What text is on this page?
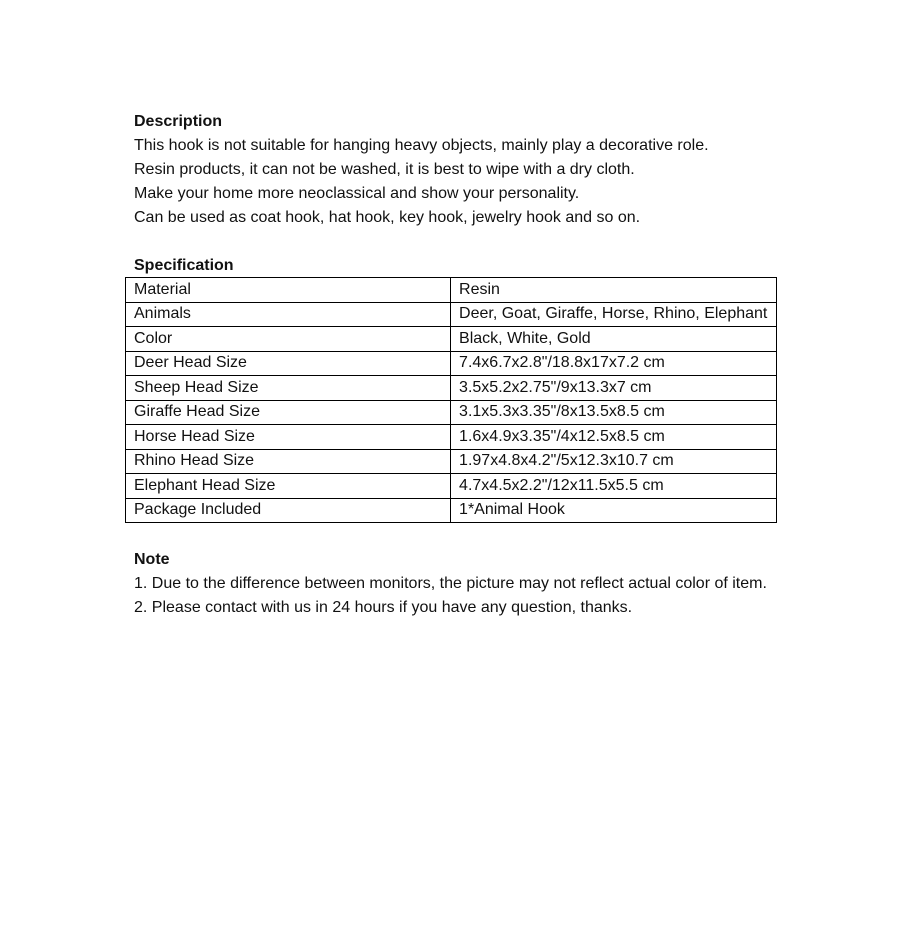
Description

This hook is not suitable for hanging heavy objects, mainly play a decorative role.

Resin products, it can not be washed, it is best to wipe with a dry cloth.

Make your home more neoclassical and show your personality.

Can be used as coat hook, hat hook, key hook, jewelry hook and so on.

Specification

Material	Resin
Animals	Deer, Goat, Giraffe, Horse, Rhino, Elephant
Color	Black, White, Gold
Deer Head Size	7.4x6.7x2.8"/18.8x17x7.2 cm
Sheep Head Size	3.5x5.2x2.75"/9x13.3x7 cm
Giraffe Head Size	3.1x5.3x3.35"/8x13.5x8.5 cm
Horse Head Size	1.6x4.9x3.35"/4x12.5x8.5 cm
Rhino Head Size	1.97x4.8x4.2"/5x12.3x10.7 cm
Elephant Head Size	4.7x4.5x2.2"/12x11.5x5.5 cm
Package Included	1*Animal Hook

Note

1. Due to the difference between monitors, the picture may not reflect actual color of item.

2. Please contact with us in 24 hours if you have any question, thanks.
